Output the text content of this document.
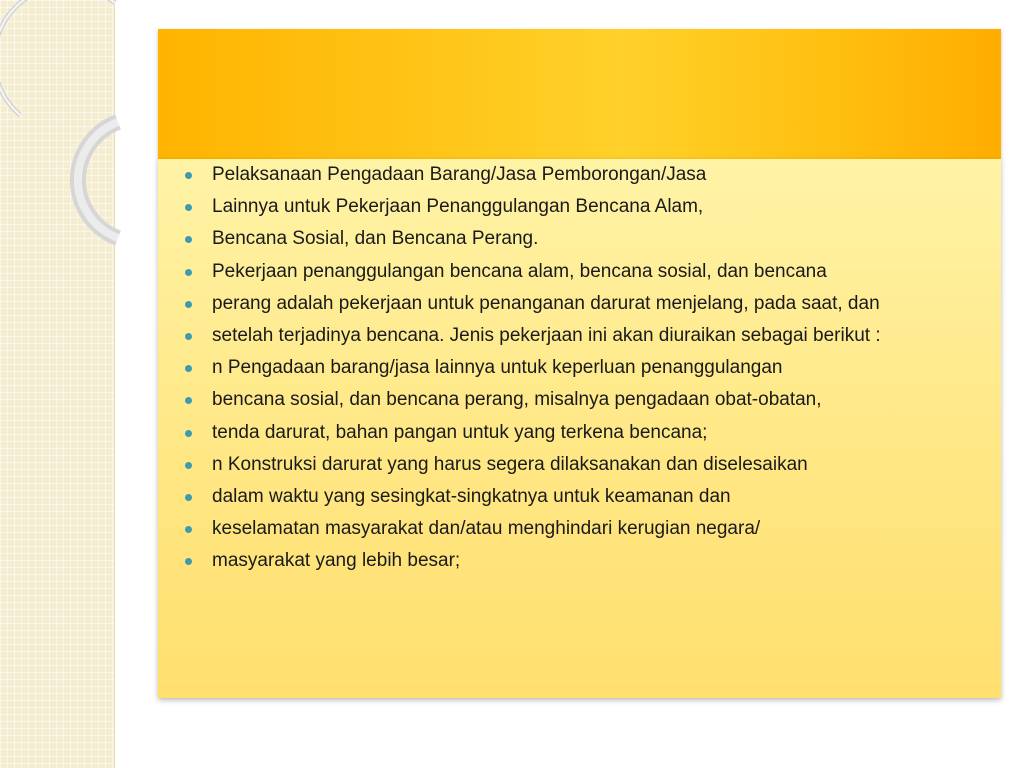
Pelaksanaan Pengadaan Barang/Jasa Pemborongan/Jasa
Lainnya untuk Pekerjaan Penanggulangan Bencana Alam,
Bencana Sosial, dan Bencana Perang.
Pekerjaan penanggulangan bencana alam, bencana sosial, dan bencana
perang adalah pekerjaan untuk penanganan darurat menjelang, pada saat, dan
setelah terjadinya bencana. Jenis pekerjaan ini akan diuraikan sebagai berikut :
n Pengadaan barang/jasa lainnya untuk keperluan penanggulangan
bencana sosial, dan bencana perang, misalnya pengadaan obat-obatan,
tenda darurat, bahan pangan untuk yang terkena bencana;
n Konstruksi darurat yang harus segera dilaksanakan dan diselesaikan
dalam waktu yang sesingkat-singkatnya untuk keamanan dan
keselamatan masyarakat dan/atau menghindari kerugian negara/
masyarakat yang lebih besar;
